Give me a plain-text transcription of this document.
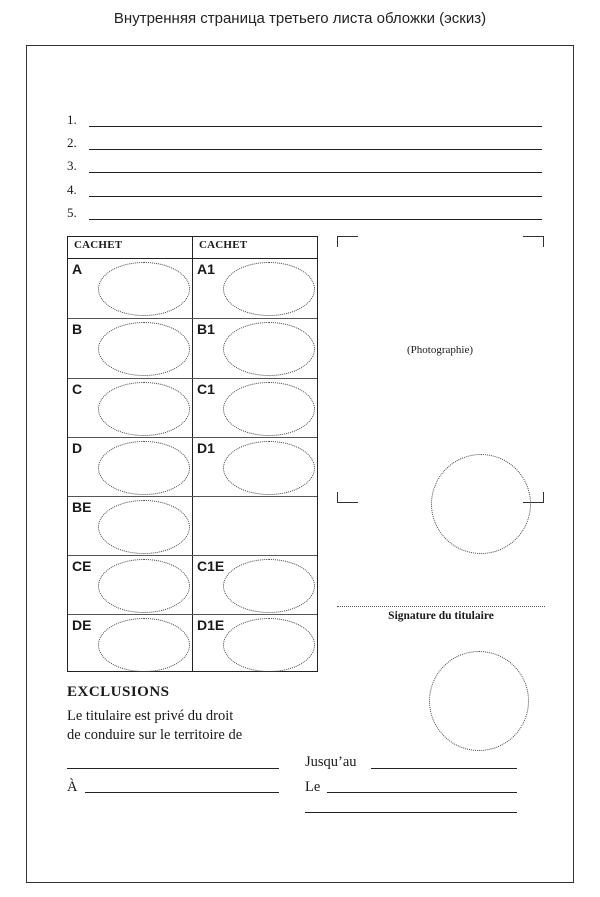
Внутренняя страница третьего листа обложки (эскиз)
1.
2.
3.
4.
5.
CACHET	CACHET
A	A1
B	B1
C	C1
D	D1
BE
CE	C1E
DE	D1E
(Photographie)
Signature du titulaire
EXCLUSIONS
Le titulaire est privé du droit
de conduire sur le territoire de
Jusqu’au
À	Le
